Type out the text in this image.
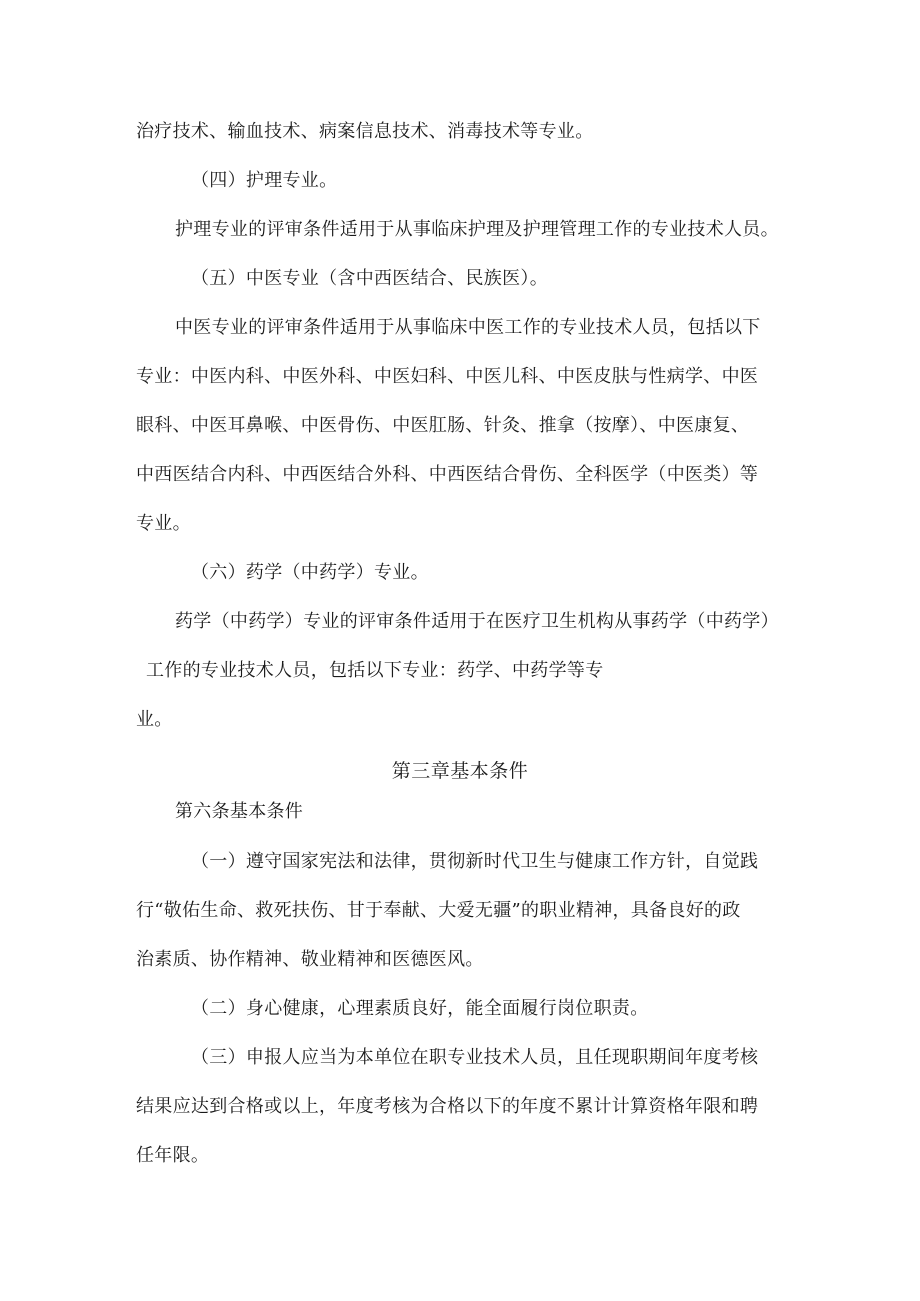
治疗技术、输血技术、病案信息技术、消毒技术等专业。
（四）护理专业。
护理专业的评审条件适用于从事临床护理及护理管理工作的专业技术人员。
（五）中医专业（含中西医结合、民族医）。
中医专业的评审条件适用于从事临床中医工作的专业技术人员，包括以下
专业：中医内科、中医外科、中医妇科、中医儿科、中医皮肤与性病学、中医
眼科、中医耳鼻喉、中医骨伤、中医肛肠、针灸、推拿（按摩）、中医康复、
中西医结合内科、中西医结合外科、中西医结合骨伤、全科医学（中医类）等
专业。
（六）药学（中药学）专业。
药学（中药学）专业的评审条件适用于在医疗卫生机构从事药学（中药学）
工作的专业技术人员，包括以下专业：药学、中药学等专
业。
第三章基本条件
第六条基本条件
（一）遵守国家宪法和法律，贯彻新时代卫生与健康工作方针，自觉践
行“敬佑生命、救死扶伤、甘于奉献、大爱无疆”的职业精神，具备良好的政
治素质、协作精神、敬业精神和医德医风。
（二）身心健康，心理素质良好，能全面履行岗位职责。
（三）申报人应当为本单位在职专业技术人员，且任现职期间年度考核
结果应达到合格或以上，年度考核为合格以下的年度不累计计算资格年限和聘
任年限。
